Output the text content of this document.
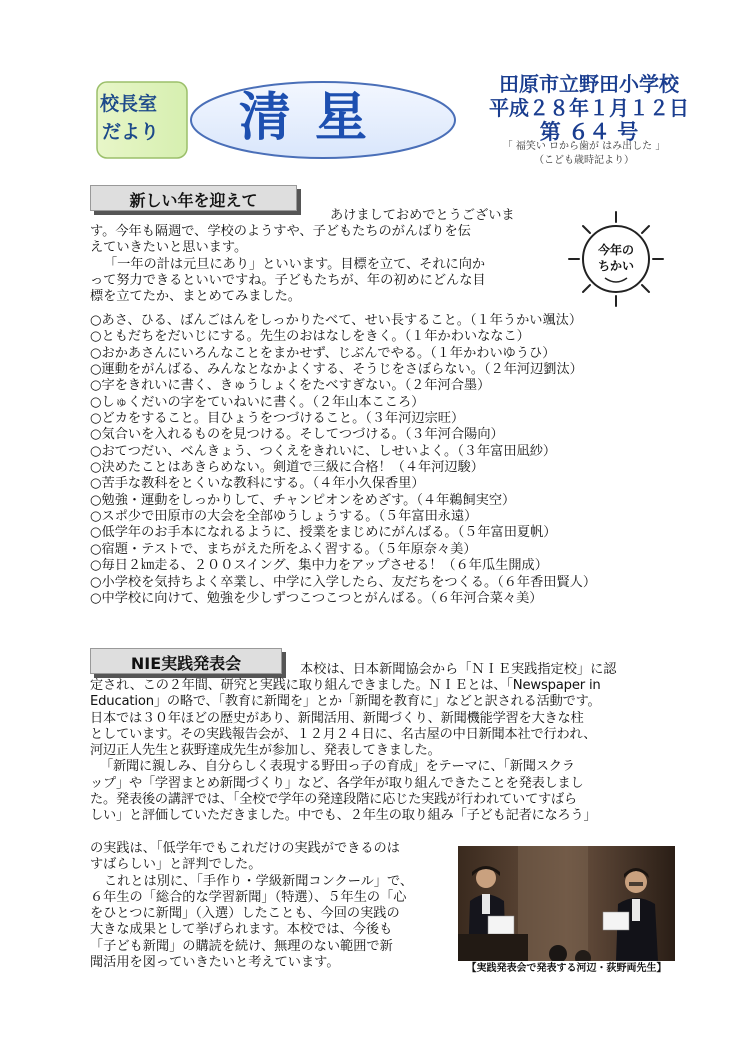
校長室
だより	清星
田原市立野田小学校
平成２８年１月１２日
第 ６４ 号
「 福笑い ロから歯が はみ出した 」
（こども歳時記より）
新しい年を迎えて
今年の
ちかい
あけましておめでとうございま

す。今年も隔週で、学校のようすや、子どもたちのがんばりを伝

えていきたいと思います。

「一年の計は元旦にあり」といいます。目標を立て、それに向か

って努力できるといいですね。子どもたちが、年の初めにどんな目

標を立てたか、まとめてみました。

○あさ、ひる、ばんごはんをしっかりたべて、せい長すること。（１年うかい颯汰）
○ともだちをだいじにする。先生のおはなしをきく。（１年かわいななこ）
○おかあさんにいろんなことをまかせず、じぶんでやる。（１年かわいゆうひ）
○運動をがんばる、みんなとなかよくする、そうじをさぼらない。（２年河辺劉汰）
○字をきれいに書く、きゅうしょくをたべすぎない。（２年河合墨）
○しゅくだいの字をていねいに書く。（２年山本こころ）
○どカをすること。目ひょうをつづけること。（３年河辺宗旺）
○気合いを入れるものを見つける。そしてつづける。（３年河合陽向）
○おてつだい、べんきょう、つくえをきれいに、しせいよく。（３年富田凪紗）
○決めたことはあきらめない。剣道で三級に合格！（４年河辺駿）
○苦手な教科をとくいな教科にする。（４年小久保香里）
○勉強・運動をしっかりして、チャンピオンをめざす。（４年鵜飼実空）
○スポ少で田原市の大会を全部ゆうしょうする。（５年富田永遠）
○低学年のお手本になれるように、授業をまじめにがんばる。（５年富田夏帆）
○宿題・テストで、まちがえた所をふく習する。（５年原奈々美）
○毎日２㎞走る、２００スイング、集中力をアップさせる！（６年瓜生開成）
○小学校を気持ちよく卒業し、中学に入学したら、友だちをつくる。（６年香田賢人）
○中学校に向けて、勉強を少しずつこつこつとがんばる。（６年河合菜々美）
NIE実践発表会	本校は、日本新聞協会から「ＮＩＥ実践指定校」に認

定され、この２年間、研究と実践に取り組んできました。ＮＩＥとは、「Newspaper in

Education」の略で、「教育に新聞を」とか「新聞を教育に」などと訳される活動です。

日本では３０年ほどの歴史があり、新聞活用、新聞づくり、新聞機能学習を大きな柱

としています。その実践報告会が、１２月２４日に、名古屋の中日新聞本社で行われ、

河辺正人先生と荻野達成先生が参加し、発表してきました。

「新聞に親しみ、自分らしく表現する野田っ子の育成」をテーマに、「新聞スクラ

ップ」や「学習まとめ新聞づくり」など、各学年が取り組んできたことを発表しまし

た。発表後の講評では、「全校で学年の発達段階に応じた実践が行われていてすばら

しい」と評価していただきました。中でも、２年生の取り組み「子ども記者になろう」

の実践は、「低学年でもこれだけの実践ができるのは

すばらしい」と評判でした。

これとは別に、「手作り・学級新聞コンクール」で、

６年生の「総合的な学習新聞」（特選）、５年生の「心

をひとつに新聞」（入選）したことも、今回の実践の

大きな成果として挙げられます。本校では、今後も

「子ども新聞」の購読を続け、無理のない範囲で新

聞活用を図っていきたいと考えています。	【実践発表会で発表する河辺・荻野両先生】
